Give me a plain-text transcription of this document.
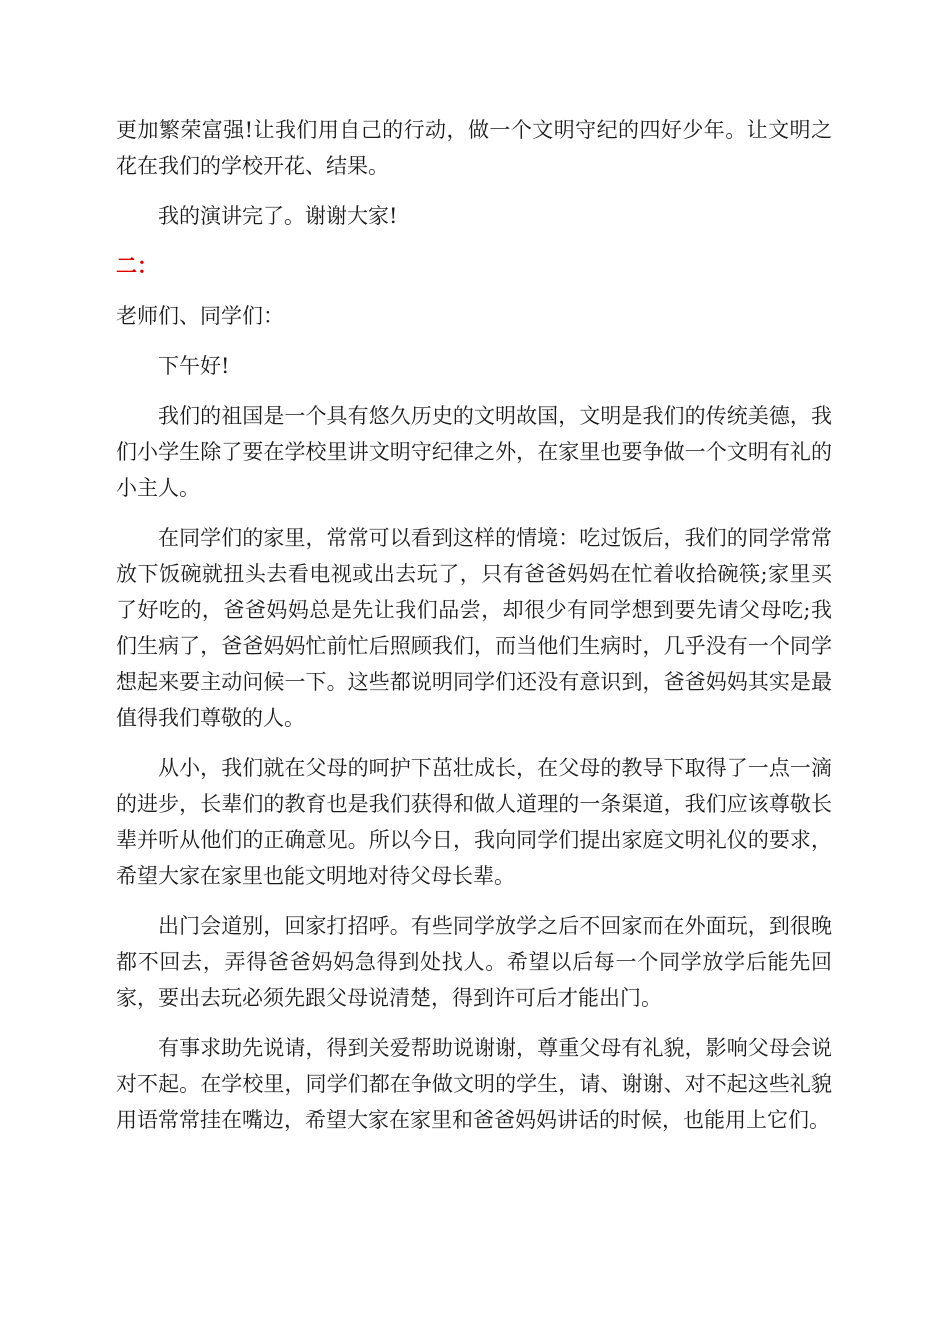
更加繁荣富强!让我们用自己的行动，做一个文明守纪的四好少年。让文明之花在我们的学校开花、结果。

我的演讲完了。谢谢大家!

二：

老师们、同学们：

下午好!

我们的祖国是一个具有悠久历史的文明故国，文明是我们的传统美德，我们小学生除了要在学校里讲文明守纪律之外，在家里也要争做一个文明有礼的小主人。

在同学们的家里，常常可以看到这样的情境：吃过饭后，我们的同学常常放下饭碗就扭头去看电视或出去玩了，只有爸爸妈妈在忙着收拾碗筷;家里买了好吃的，爸爸妈妈总是先让我们品尝，却很少有同学想到要先请父母吃;我们生病了，爸爸妈妈忙前忙后照顾我们，而当他们生病时，几乎没有一个同学想起来要主动问候一下。这些都说明同学们还没有意识到，爸爸妈妈其实是最值得我们尊敬的人。

从小，我们就在父母的呵护下茁壮成长，在父母的教导下取得了一点一滴的进步，长辈们的教育也是我们获得和做人道理的一条渠道，我们应该尊敬长辈并听从他们的正确意见。所以今日，我向同学们提出家庭文明礼仪的要求，希望大家在家里也能文明地对待父母长辈。

出门会道别，回家打招呼。有些同学放学之后不回家而在外面玩，到很晚都不回去，弄得爸爸妈妈急得到处找人。希望以后每一个同学放学后能先回家，要出去玩必须先跟父母说清楚，得到许可后才能出门。

有事求助先说请，得到关爱帮助说谢谢，尊重父母有礼貌，影响父母会说对不起。在学校里，同学们都在争做文明的学生，请、谢谢、对不起这些礼貌用语常常挂在嘴边，希望大家在家里和爸爸妈妈讲话的时候，也能用上它们。
